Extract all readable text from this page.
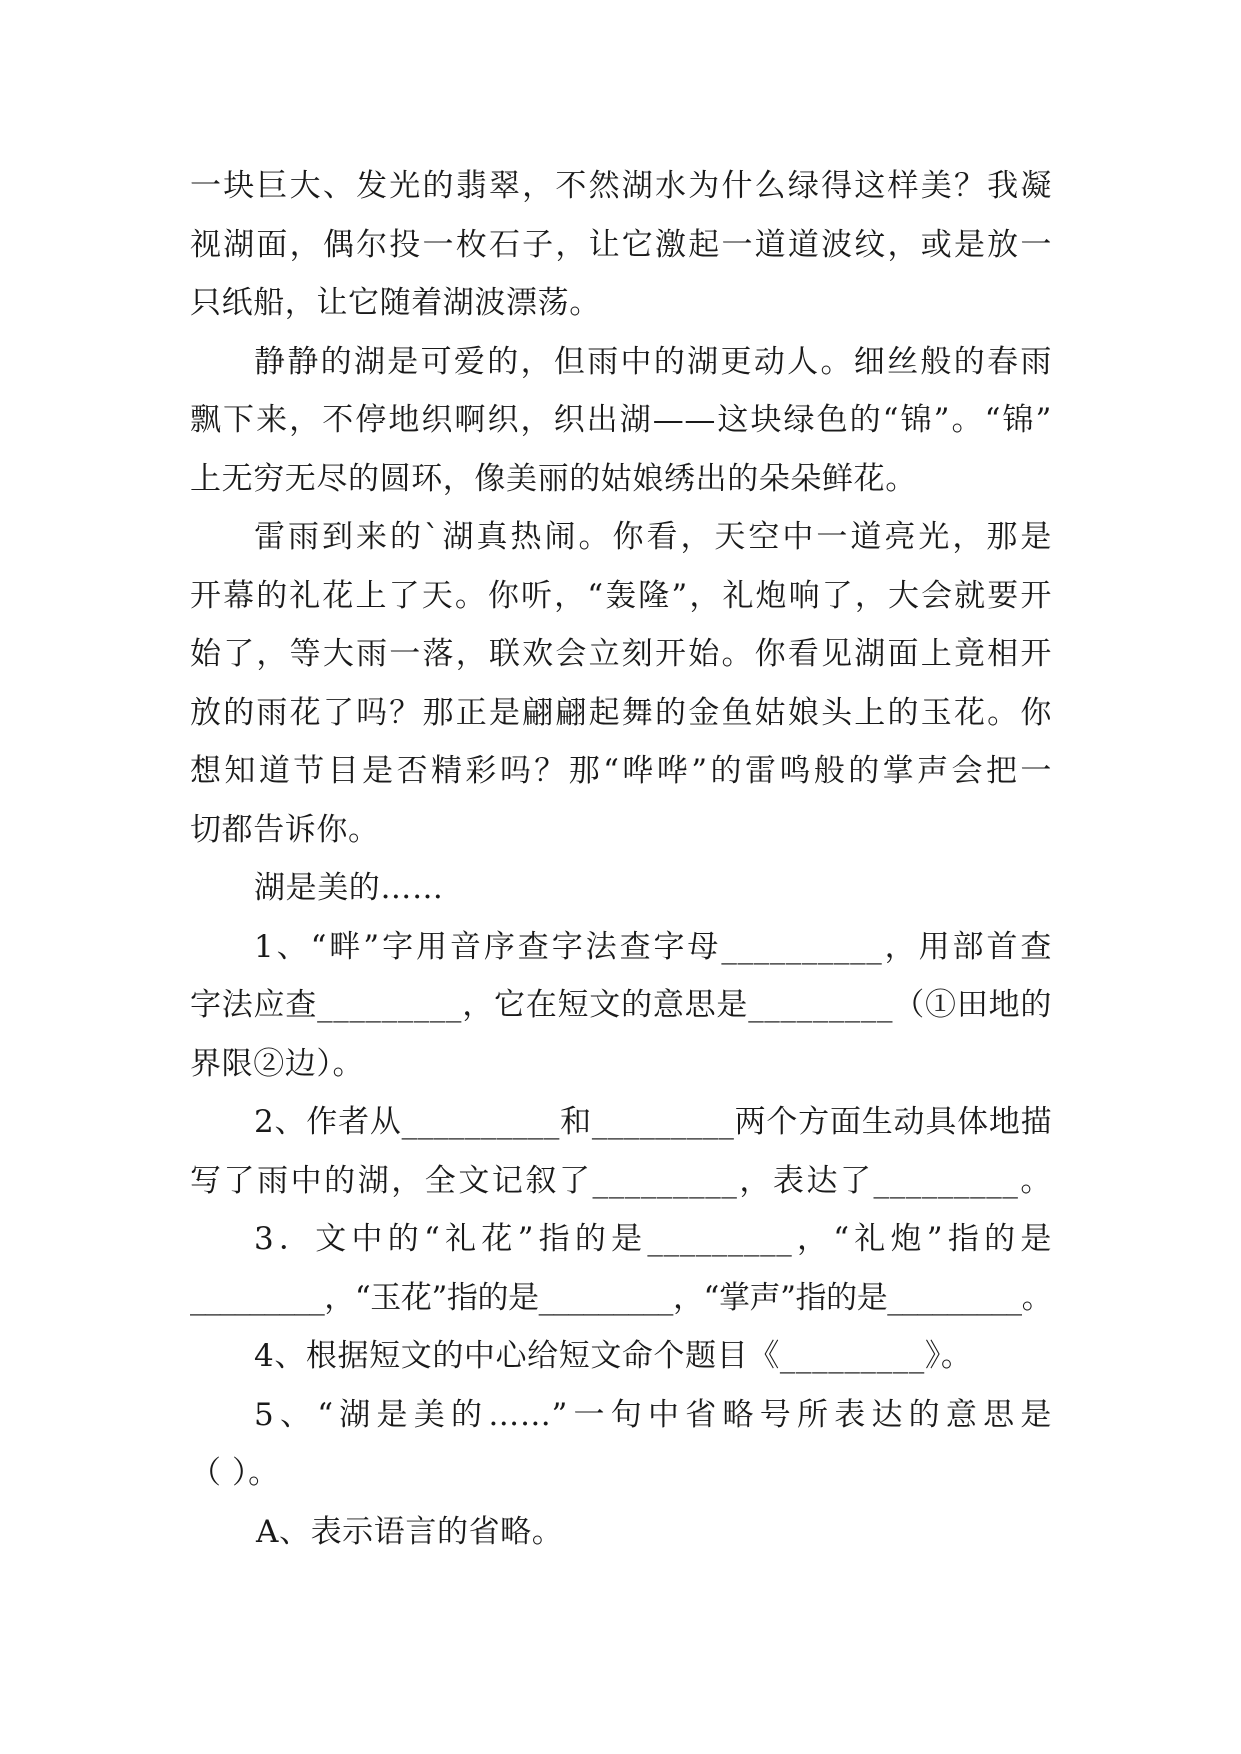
一块巨大、发光的翡翠，不然湖水为什么绿得这样美？我凝
视湖面，偶尔投一枚石子，让它激起一道道波纹，或是放一
只纸船，让它随着湖波漂荡。
静静的湖是可爱的，但雨中的湖更动人。细丝般的春雨
飘下来，不停地织啊织，织出湖——这块绿色的“锦”。“锦”
上无穷无尽的圆环，像美丽的姑娘绣出的朵朵鲜花。
雷雨到来的`湖真热闹。你看，天空中一道亮光，那是
开幕的礼花上了天。你听，“轰隆”，礼炮响了，大会就要开
始了，等大雨一落，联欢会立刻开始。你看见湖面上竟相开
放的雨花了吗？那正是翩翩起舞的金鱼姑娘头上的玉花。你
想知道节目是否精彩吗？那“哗哗”的雷鸣般的掌声会把一
切都告诉你。
湖是美的……
1、“畔”字用音序查字法查字母__________，用部首查
字法应查_________，它在短文的意思是_________（①田地的
界限②边）。
2、作者从__________和_________两个方面生动具体地描
写了雨中的湖，全文记叙了_________，表达了_________。
3．文中的“礼花”指的是_________，“礼炮”指的是
_________，“玉花”指的是_________，“掌声”指的是_________。
4、根据短文的中心给短文命个题目《_________》。
5、“湖是美的……”一句中省略号所表达的意思是
（ ）。
A、表示语言的省略。
